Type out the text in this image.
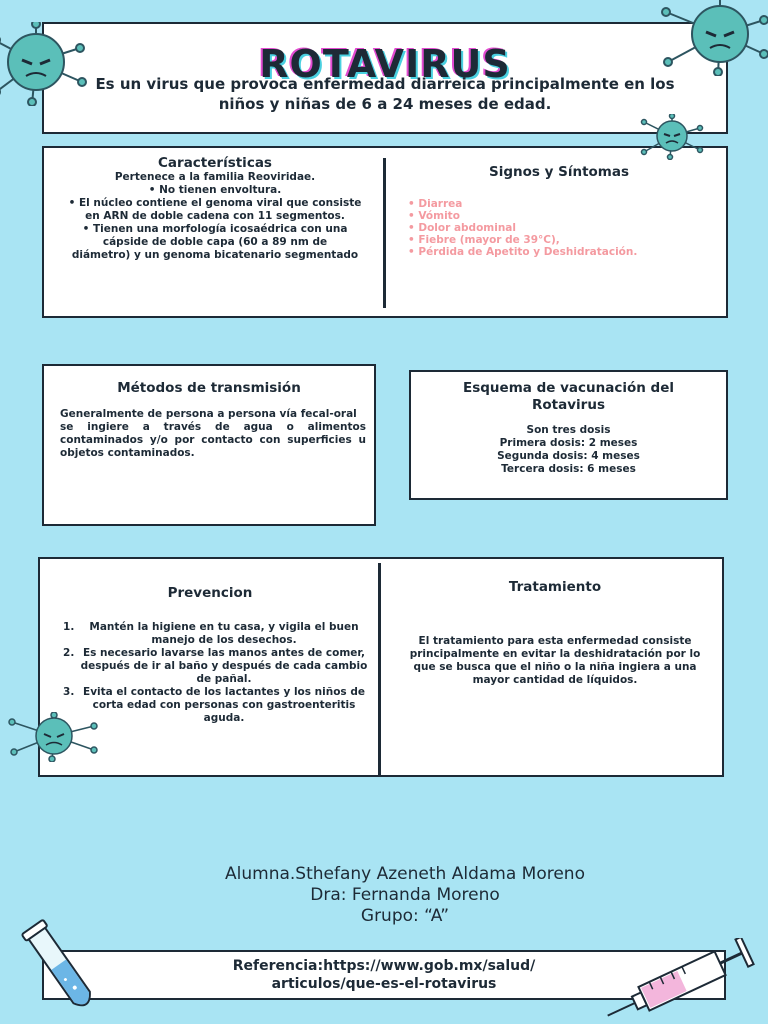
ROTAVIRUS
Es un virus que provoca enfermedad diarreica principalmente en los niños y niñas de 6 a 24 meses de edad.
Características
Pertenece a la familia Reoviridae.
• No tienen envoltura.
• El núcleo contiene el genoma viral que consiste
en ARN de doble cadena con 11 segmentos.
• Tienen una morfología icosaédrica con una
cápside de doble capa (60 a 89 nm de
diámetro) y un genoma bicatenario segmentado
Signos y Síntomas
• Diarrea
• Vómito
• Dolor abdominal
• Fiebre (mayor de 39°C),
• Pérdida de Apetito y Deshidratación.
Métodos de transmisión
Generalmente de persona a persona vía fecal-oral
se ingiere a través de agua o alimentos contaminados y/o por contacto con superficies u objetos contaminados.
Esquema de vacunación del Rotavirus
Son tres dosis
Primera dosis: 2 meses
Segunda dosis: 4 meses
Tercera dosis: 6 meses
Prevencion
1. Mantén la higiene en tu casa, y vigila el buen manejo de los desechos.
2. Es necesario lavarse las manos antes de comer, después de ir al baño y después de cada cambio de pañal.
3. Evita el contacto de los lactantes y los niños de corta edad con personas con gastroenteritis aguda.
Tratamiento
El tratamiento para esta enfermedad consiste principalmente en evitar la deshidratación por lo que se busca que el niño o la niña ingiera a una mayor cantidad de líquidos.
Alumna.Sthefany Azeneth Aldama Moreno
Dra: Fernanda Moreno
Grupo: “A”
Referencia:https://www.gob.mx/salud/
articulos/que-es-el-rotavirus
